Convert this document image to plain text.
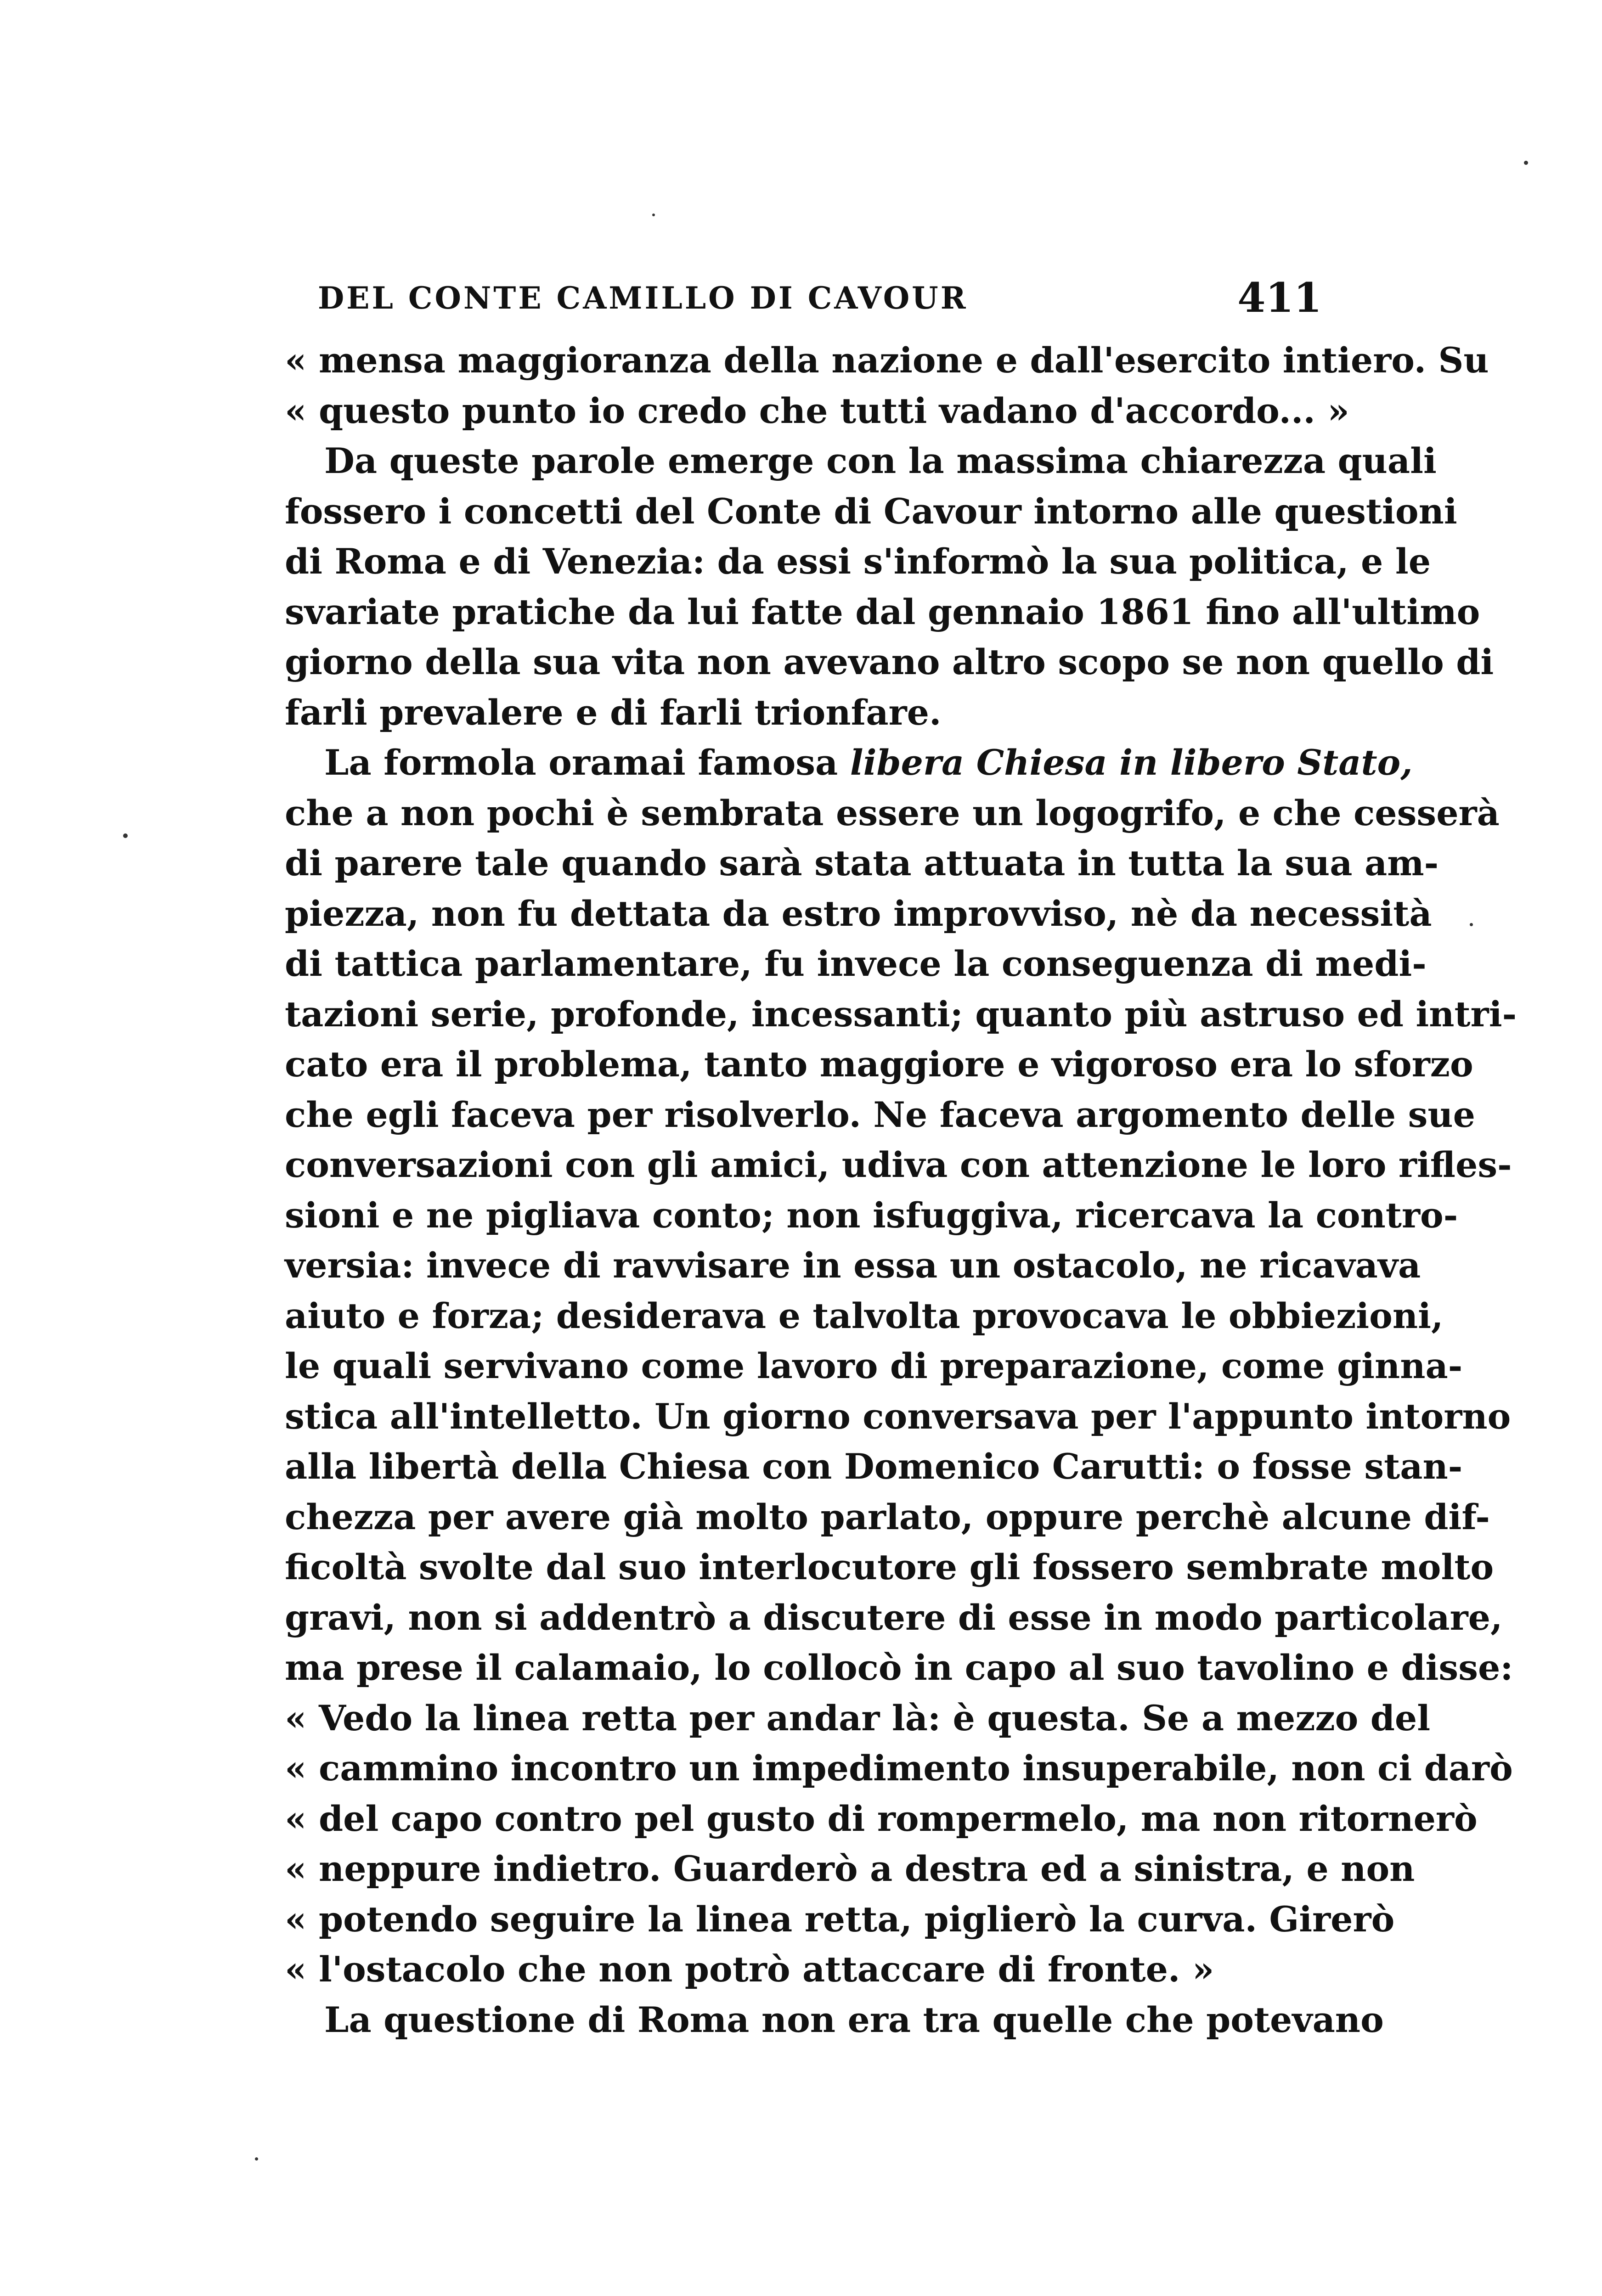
DEL CONTE CAMILLO DI CAVOUR	411
« mensa maggioranza della nazione e dall'esercito intiero. Su
« questo punto io credo che tutti vadano d'accordo... »
Da queste parole emerge con la massima chiarezza quali
fossero i concetti del Conte di Cavour intorno alle questioni
di Roma e di Venezia: da essi s'informò la sua politica, e le
svariate pratiche da lui fatte dal gennaio 1861 fino all'ultimo
giorno della sua vita non avevano altro scopo se non quello di
farli prevalere e di farli trionfare.
La formola oramai famosa libera Chiesa in libero Stato,
che a non pochi è sembrata essere un logogrifo, e che cesserà
di parere tale quando sarà stata attuata in tutta la sua am-
piezza, non fu dettata da estro improvviso, nè da necessità
di tattica parlamentare, fu invece la conseguenza di medi-
tazioni serie, profonde, incessanti; quanto più astruso ed intri-
cato era il problema, tanto maggiore e vigoroso era lo sforzo
che egli faceva per risolverlo. Ne faceva argomento delle sue
conversazioni con gli amici, udiva con attenzione le loro rifles-
sioni e ne pigliava conto; non isfuggiva, ricercava la contro-
versia: invece di ravvisare in essa un ostacolo, ne ricavava
aiuto e forza; desiderava e talvolta provocava le obbiezioni,
le quali servivano come lavoro di preparazione, come ginna-
stica all'intelletto. Un giorno conversava per l'appunto intorno
alla libertà della Chiesa con Domenico Carutti: o fosse stan-
chezza per avere già molto parlato, oppure perchè alcune dif-
ficoltà svolte dal suo interlocutore gli fossero sembrate molto
gravi, non si addentrò a discutere di esse in modo particolare,
ma prese il calamaio, lo collocò in capo al suo tavolino e disse:
« Vedo la linea retta per andar là: è questa. Se a mezzo del
« cammino incontro un impedimento insuperabile, non ci darò
« del capo contro pel gusto di rompermelo, ma non ritornerò
« neppure indietro. Guarderò a destra ed a sinistra, e non
« potendo seguire la linea retta, piglierò la curva. Girerò
« l'ostacolo che non potrò attaccare di fronte. »
La questione di Roma non era tra quelle che potevano
